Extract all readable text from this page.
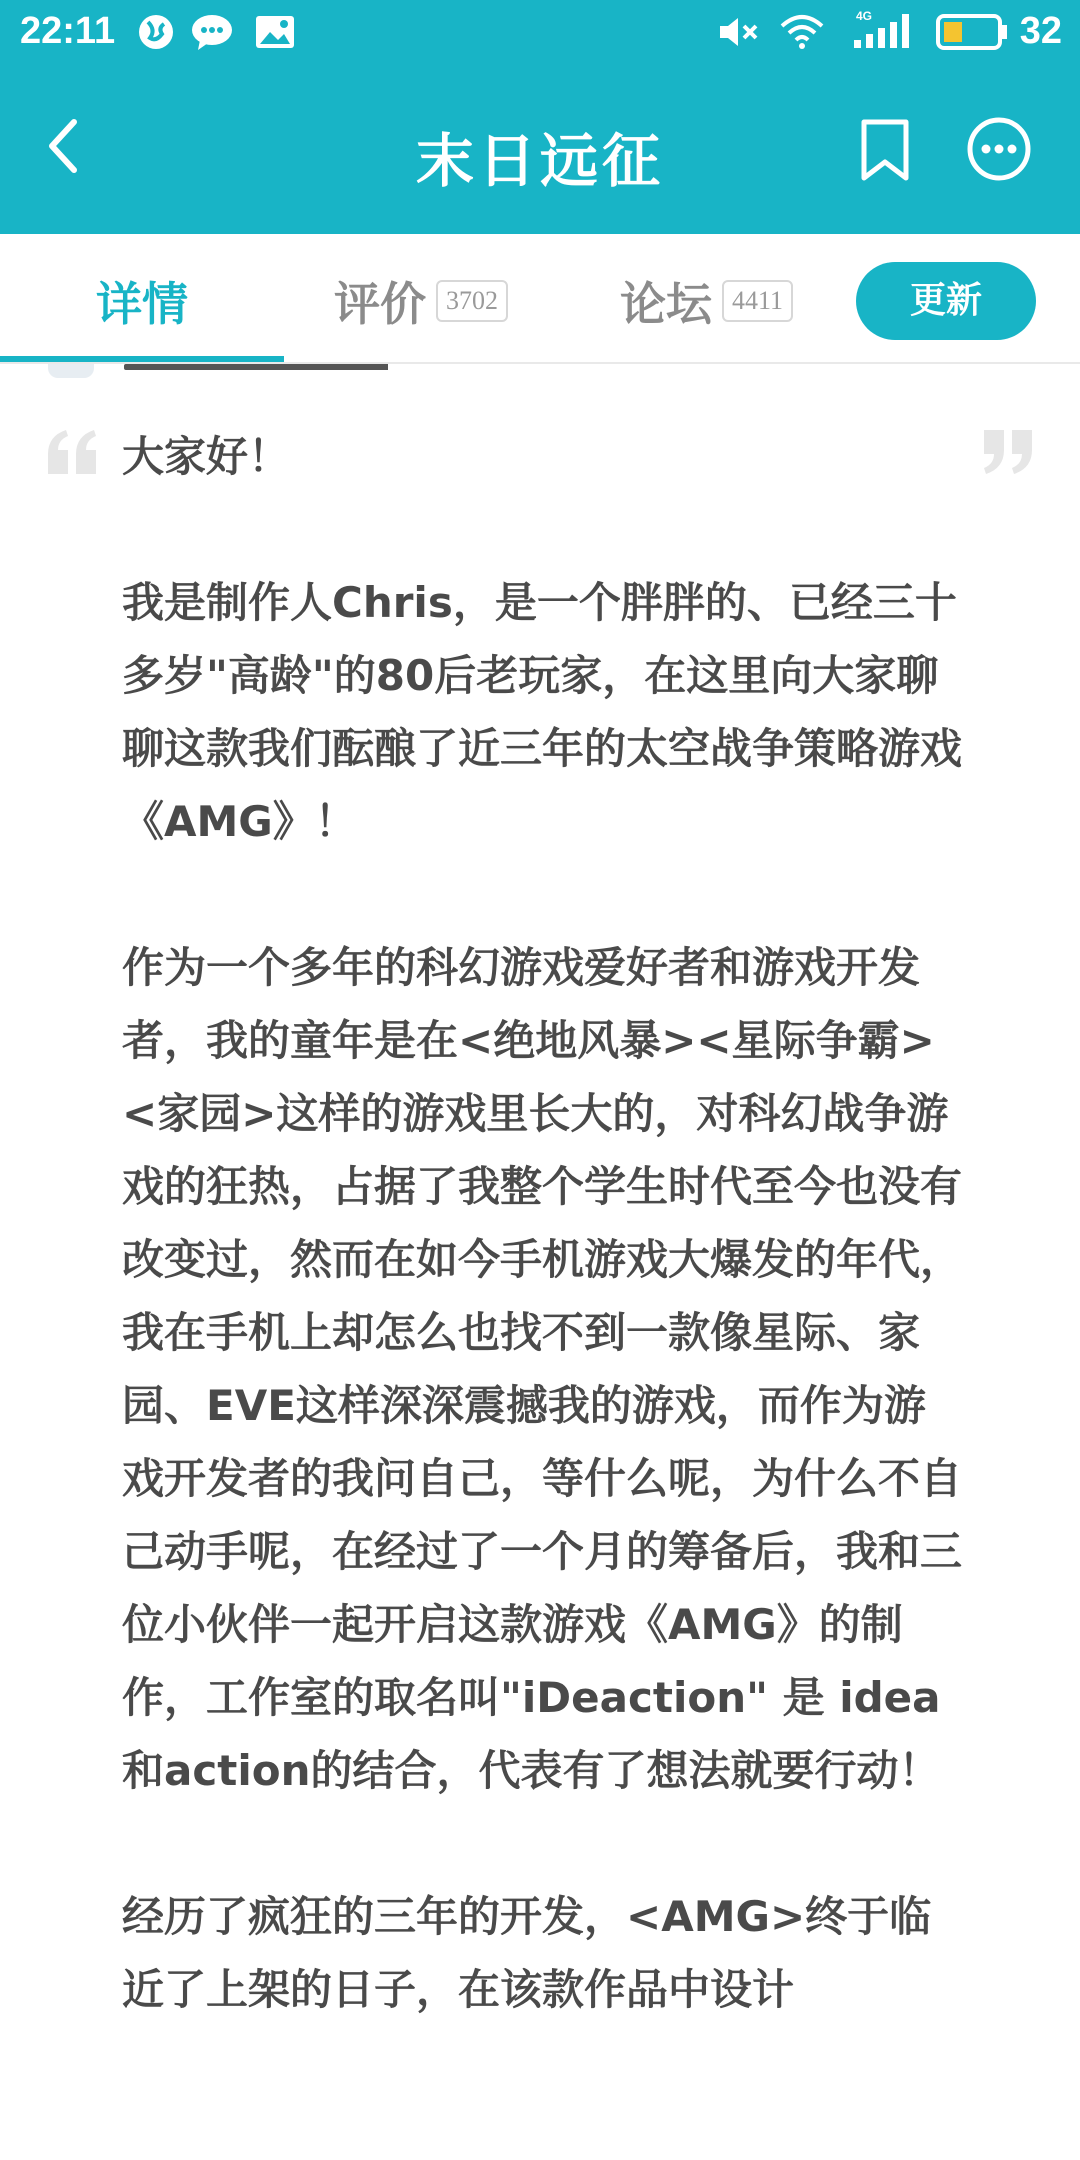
22:11	4G	32
末日远征
详情	评价 3702	论坛 4411	更新

大家好！

我是制作人Chris，是一个胖胖的、已经三十多岁"高龄"的80后老玩家，在这里向大家聊聊这款我们酝酿了近三年的太空战争策略游戏《AMG》！

作为一个多年的科幻游戏爱好者和游戏开发者，我的童年是在<绝地风暴><星际争霸><家园>这样的游戏里长大的，对科幻战争游戏的狂热，占据了我整个学生时代至今也没有改变过，然而在如今手机游戏大爆发的年代，我在手机上却怎么也找不到一款像星际、家园、EVE这样深深震撼我的游戏，而作为游戏开发者的我问自己，等什么呢，为什么不自己动手呢，在经过了一个月的筹备后，我和三位小伙伴一起开启这款游戏《AMG》的制作，工作室的取名叫"iDeaction" 是 idea和action的结合，代表有了想法就要行动！

经历了疯狂的三年的开发，<AMG>终于临近了上架的日子，在该款作品中设计
